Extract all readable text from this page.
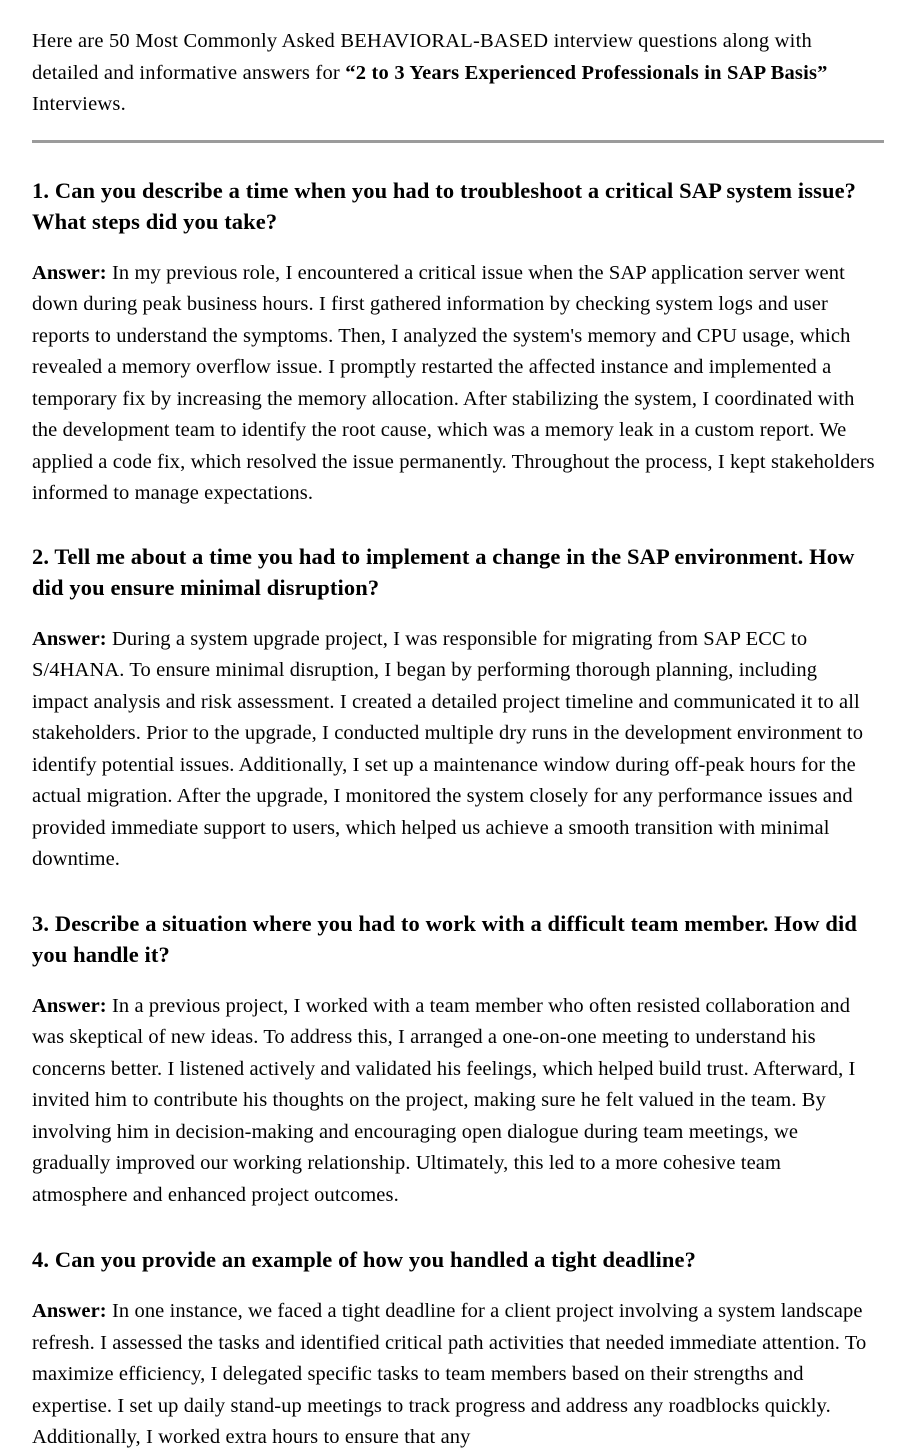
Here are 50 Most Commonly Asked BEHAVIORAL-BASED interview questions along with detailed and informative answers for “2 to 3 Years Experienced Professionals in SAP Basis” Interviews.

1. Can you describe a time when you had to troubleshoot a critical SAP system issue? What steps did you take?

Answer: In my previous role, I encountered a critical issue when the SAP application server went down during peak business hours. I first gathered information by checking system logs and user reports to understand the symptoms. Then, I analyzed the system's memory and CPU usage, which revealed a memory overflow issue. I promptly restarted the affected instance and implemented a temporary fix by increasing the memory allocation. After stabilizing the system, I coordinated with the development team to identify the root cause, which was a memory leak in a custom report. We applied a code fix, which resolved the issue permanently. Throughout the process, I kept stakeholders informed to manage expectations.

2. Tell me about a time you had to implement a change in the SAP environment. How did you ensure minimal disruption?

Answer: During a system upgrade project, I was responsible for migrating from SAP ECC to S/4HANA. To ensure minimal disruption, I began by performing thorough planning, including impact analysis and risk assessment. I created a detailed project timeline and communicated it to all stakeholders. Prior to the upgrade, I conducted multiple dry runs in the development environment to identify potential issues. Additionally, I set up a maintenance window during off-peak hours for the actual migration. After the upgrade, I monitored the system closely for any performance issues and provided immediate support to users, which helped us achieve a smooth transition with minimal downtime.

3. Describe a situation where you had to work with a difficult team member. How did you handle it?

Answer: In a previous project, I worked with a team member who often resisted collaboration and was skeptical of new ideas. To address this, I arranged a one-on-one meeting to understand his concerns better. I listened actively and validated his feelings, which helped build trust. Afterward, I invited him to contribute his thoughts on the project, making sure he felt valued in the team. By involving him in decision-making and encouraging open dialogue during team meetings, we gradually improved our working relationship. Ultimately, this led to a more cohesive team atmosphere and enhanced project outcomes.

4. Can you provide an example of how you handled a tight deadline?

Answer: In one instance, we faced a tight deadline for a client project involving a system landscape refresh. I assessed the tasks and identified critical path activities that needed immediate attention. To maximize efficiency, I delegated specific tasks to team members based on their strengths and expertise. I set up daily stand-up meetings to track progress and address any roadblocks quickly. Additionally, I worked extra hours to ensure that any
